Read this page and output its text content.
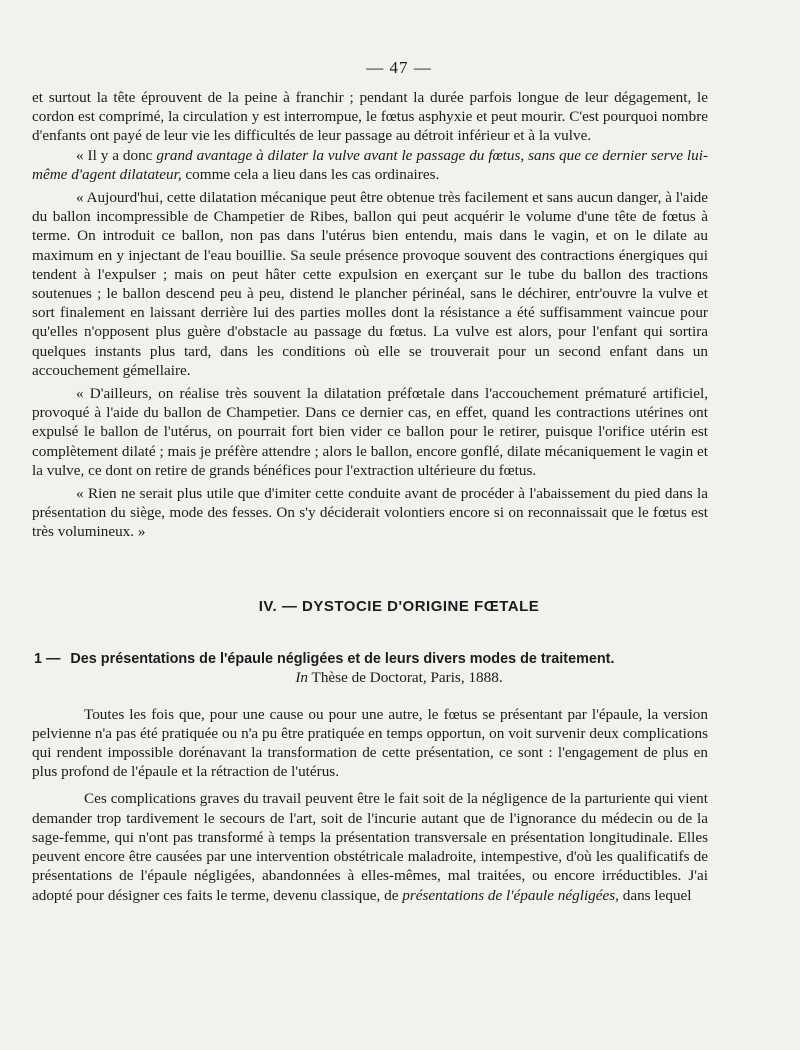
— 47 —

et surtout la tête éprouvent de la peine à franchir ; pendant la durée parfois longue de leur dégagement, le cordon est comprimé, la circulation y est interrompue, le fœtus asphyxie et peut mourir. C'est pourquoi nombre d'enfants ont payé de leur vie les difficultés de leur passage au détroit inférieur et à la vulve.

« Il y a donc grand avantage à dilater la vulve avant le passage du fœtus, sans que ce dernier serve lui-même d'agent dilatateur, comme cela a lieu dans les cas ordinaires.

« Aujourd'hui, cette dilatation mécanique peut être obtenue très facilement et sans aucun danger, à l'aide du ballon incompressible de Champetier de Ribes, ballon qui peut acquérir le volume d'une tête de fœtus à terme. On introduit ce ballon, non pas dans l'utérus bien entendu, mais dans le vagin, et on le dilate au maximum en y injectant de l'eau bouillie. Sa seule présence provoque souvent des contractions énergiques qui tendent à l'expulser ; mais on peut hâter cette expulsion en exerçant sur le tube du ballon des tractions soutenues ; le ballon descend peu à peu, distend le plancher périnéal, sans le déchirer, entr'ouvre la vulve et sort finalement en laissant derrière lui des parties molles dont la résistance a été suffisamment vaincue pour qu'elles n'opposent plus guère d'obstacle au passage du fœtus. La vulve est alors, pour l'enfant qui sortira quelques instants plus tard, dans les conditions où elle se trouverait pour un second enfant dans un accouchement gémellaire.

« D'ailleurs, on réalise très souvent la dilatation préfœtale dans l'accouchement prématuré artificiel, provoqué à l'aide du ballon de Champetier. Dans ce dernier cas, en effet, quand les contractions utérines ont expulsé le ballon de l'utérus, on pourrait fort bien vider ce ballon pour le retirer, puisque l'orifice utérin est complètement dilaté ; mais je préfère attendre ; alors le ballon, encore gonflé, dilate mécaniquement le vagin et la vulve, ce dont on retire de grands bénéfices pour l'extraction ultérieure du fœtus.

« Rien ne serait plus utile que d'imiter cette conduite avant de procéder à l'abaissement du pied dans la présentation du siège, mode des fesses. On s'y déciderait volontiers encore si on reconnaissait que le fœtus est très volumineux. »

IV. — DYSTOCIE D'ORIGINE FŒTALE
1 — Des présentations de l'épaule négligées et de leurs divers modes de traitement.
In Thèse de Doctorat, Paris, 1888.

Toutes les fois que, pour une cause ou pour une autre, le fœtus se présentant par l'épaule, la version pelvienne n'a pas été pratiquée ou n'a pu être pratiquée en temps opportun, on voit survenir deux complications qui rendent impossible dorénavant la transformation de cette présentation, ce sont : l'engagement de plus en plus profond de l'épaule et la rétraction de l'utérus.

Ces complications graves du travail peuvent être le fait soit de la négligence de la parturiente qui vient demander trop tardivement le secours de l'art, soit de l'incurie autant que de l'ignorance du médecin ou de la sage-femme, qui n'ont pas transformé à temps la présentation transversale en présentation longitudinale. Elles peuvent encore être causées par une intervention obstétricale maladroite, intempestive, d'où les qualificatifs de présentations de l'épaule négligées, abandonnées à elles-mêmes, mal traitées, ou encore irréductibles. J'ai adopté pour désigner ces faits le terme, devenu classique, de présentations de l'épaule négligées, dans lequel
